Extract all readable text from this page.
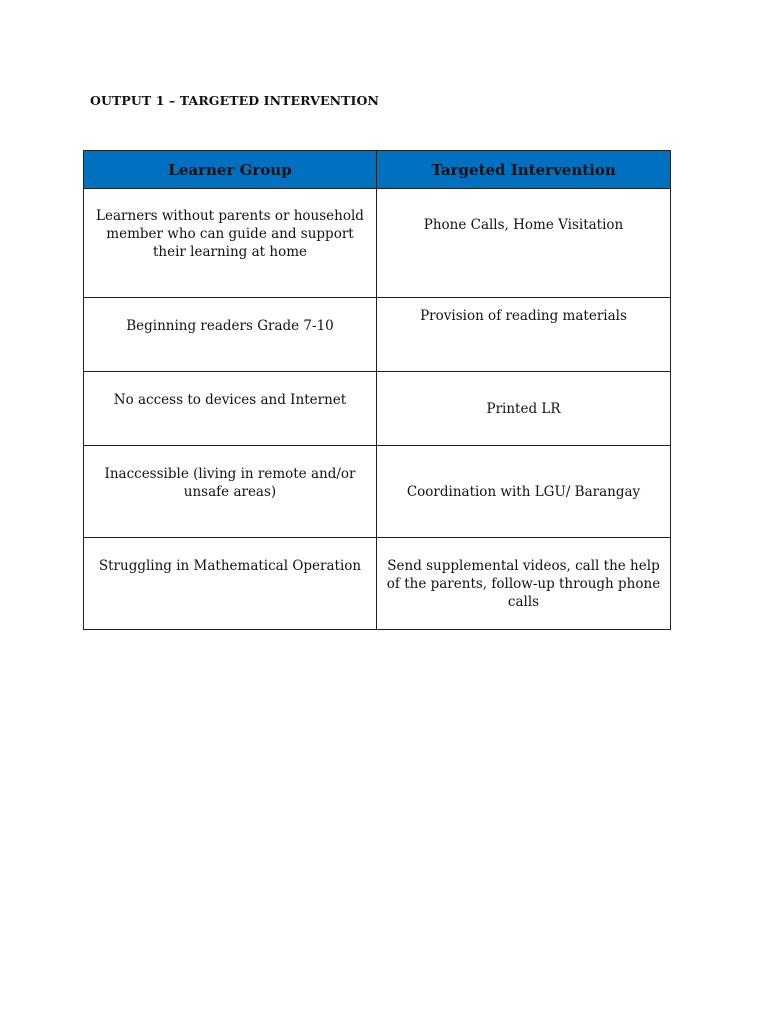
OUTPUT 1 – TARGETED INTERVENTION
Learner Group	Targeted Intervention
Learners without parents or household member who can guide and support their learning at home	Phone Calls, Home Visitation
Beginning readers Grade 7-10	Provision of reading materials
No access to devices and Internet	Printed LR
Inaccessible (living in remote and/or unsafe areas)	Coordination with LGU/ Barangay
Struggling in Mathematical Operation	Send supplemental videos, call the help of the parents, follow-up through phone calls
